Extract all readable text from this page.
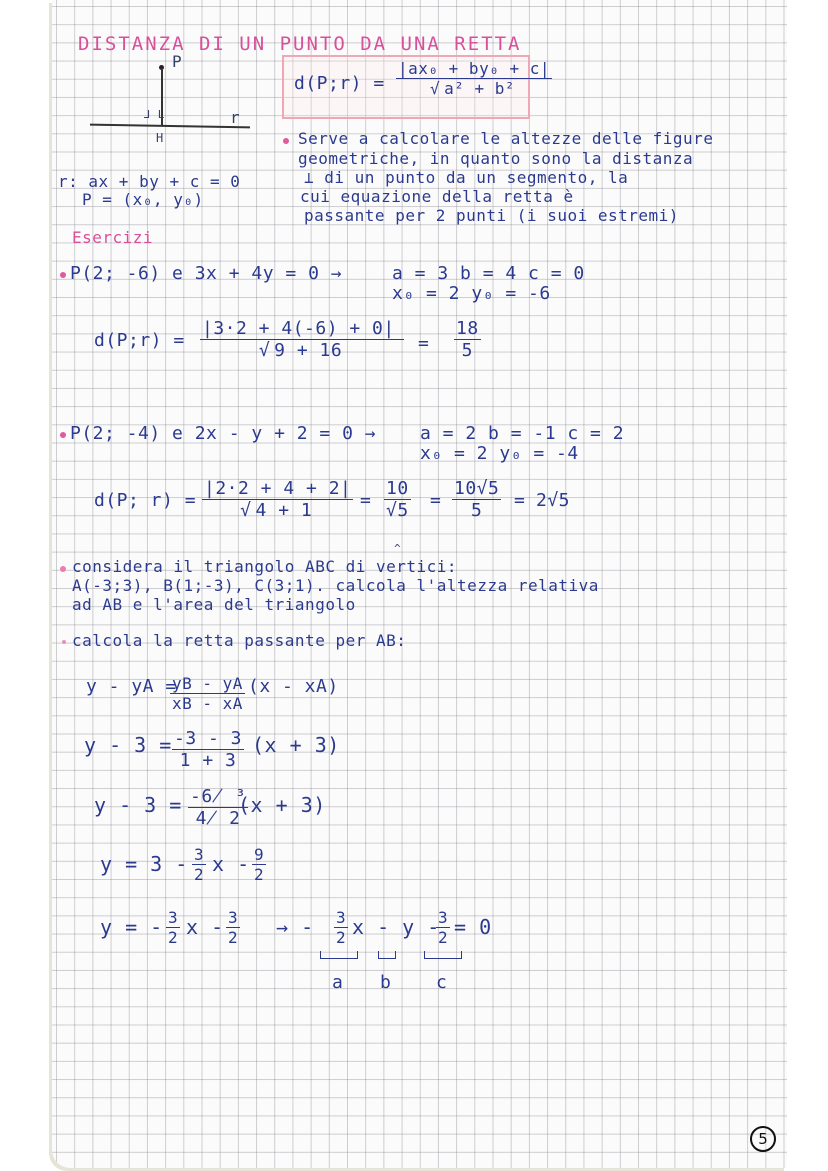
DISTANZA DI UN PUNTO DA UNA RETTA
P
⅃ L	r
H
d(P;r) = |ax₀ + by₀ + c|
√ a² + b²
r: ax + by + c = 0
P = (x₀, y₀)
Serve a calcolare le altezze delle figure
geometriche, in quanto sono la distanza
⊥ di un punto da un segmento, la
cui equazione della retta è
passante per 2 punti (i suoi estremi)
Esercizi
P(2; -6) e 3x + 4y = 0 →	a = 3 b = 4 c = 0
x₀ = 2 y₀ = -6
d(P;r) = |3·2 + 4(-6) + 0|
√ $9 + 16 = \frac{18}{5}$
P(2; -4) e 2x - y + 2 = 0 → a = 2 b = -1 c = 2
x₀ = 2 y₀ = -4
d(P; r) = |2·2 + 4 + 2|
√ $4 + 1 = \frac{10}{√5} = \frac{10√5}{5} = 2√5$
^
considera il triangolo ABC di vertici:
A(-3;3), B(1;-3), C(3;1). calcola l'altezza relativa
ad AB e l'area del triangolo
calcola la retta passante per AB:
y - yA =
$\frac{yB - yA}{xB - xA} (x - xA)$
$y - 3 = \frac{-3 - 3}{1 + 3} (x + 3)$
$y - 3 = \frac{\text{-6̸ ³}}{4̸ 2}$
(x + 3)
$y = 3 - \frac{3}{2}$ x - $\frac{9}{2}$
y = - $\frac{3}{2}$ x - $\frac{3}{2}$ → - $\frac{3}{2}$ x - y -
$\frac{3}{2} = 0$
a b c
5
